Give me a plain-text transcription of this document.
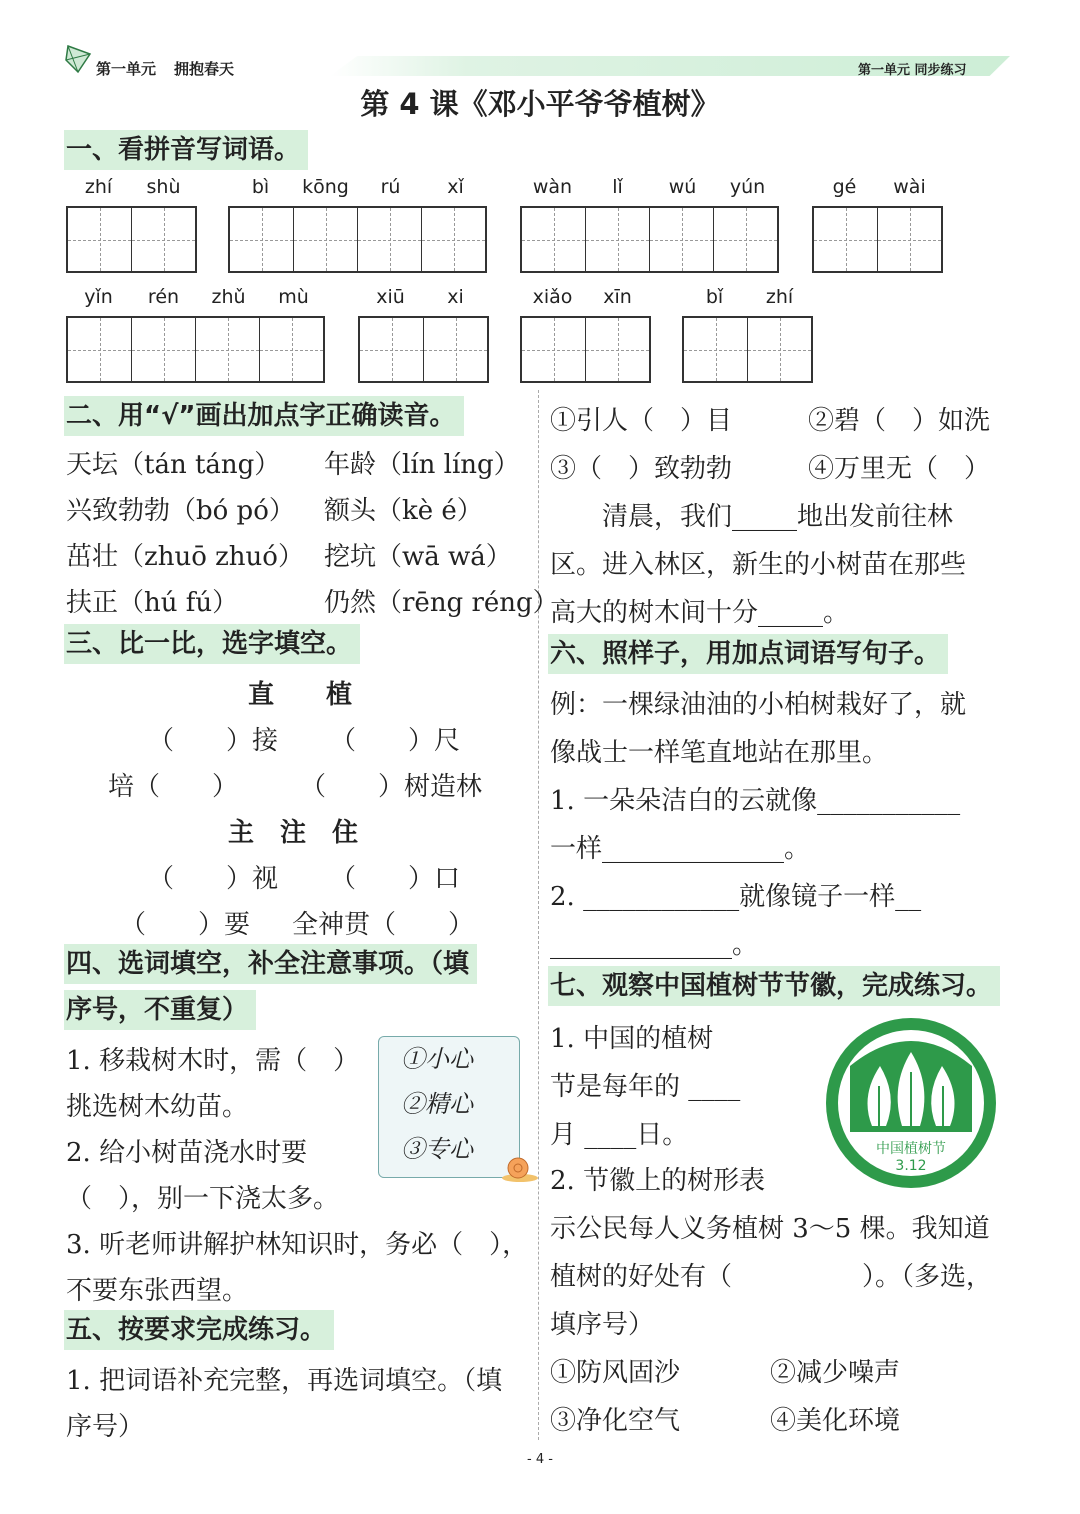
第一单元 拥抱春天	第一单元 同步练习
第 4 课《邓小平爷爷植树》
一、看拼音写词语。
zhí	shù	bì	kōng	rú	xǐ	wàn	lǐ	wú	yún	gé	wài
yǐn	rén	zhǔ	mù	xiū	xi	xiǎo	xīn	bǐ	zhí
二、用“√”画出加点字正确读音。
天坛（tán táng） 年龄（lín líng）
兴致勃勃（bó pó） 额头（kè é）
茁壮（zhuō zhuó） 挖坑（wā wá）
扶正（hú fú）	仍然（rēng réng）
三、比一比，选字填空。
直　　植
（　　）接 （　　）尺
培（　　） （　　）树造林
主　注　住
（　　）视 （　　）口
（　　）要 全神贯（　　）
四、选词填空，补全注意事项。（填
序号，不重复）
1. 移栽树木时，需（　）
挑选树木幼苗。
2. 给小树苗浇水时要
（　），别一下浇太多。
3. 听老师讲解护林知识时，务必（　），
不要东张西望。
①小心
②精心
③专心
五、按要求完成练习。
1. 把词语补充完整，再选词填空。（填
序号）
①引人（　）目	②碧（　）如洗
③（　）致勃勃	④万里无（　）
　　清晨，我们_____地出发前往林
区。进入林区，新生的小树苗在那些
高大的树木间十分_____。
六、照样子，用加点词语写句子。
例：一棵绿油油的小柏树栽好了，就
像战士一样笔直地站在那里。
1. 一朵朵洁白的云就像___________
一样______________。
2. ____________就像镜子一样__
______________。
七、观察中国植树节节徽，完成练习。
1. 中国的植树
节是每年的 ____
月 ____日。
2. 节徽上的树形表
示公民每人义务植树 3～5 棵。我知道
植树的好处有（　　　　　）。（多选，
填序号）
①防风固沙	②减少噪声
③净化空气	④美化环境
中国植树节
3.12
- 4 -
